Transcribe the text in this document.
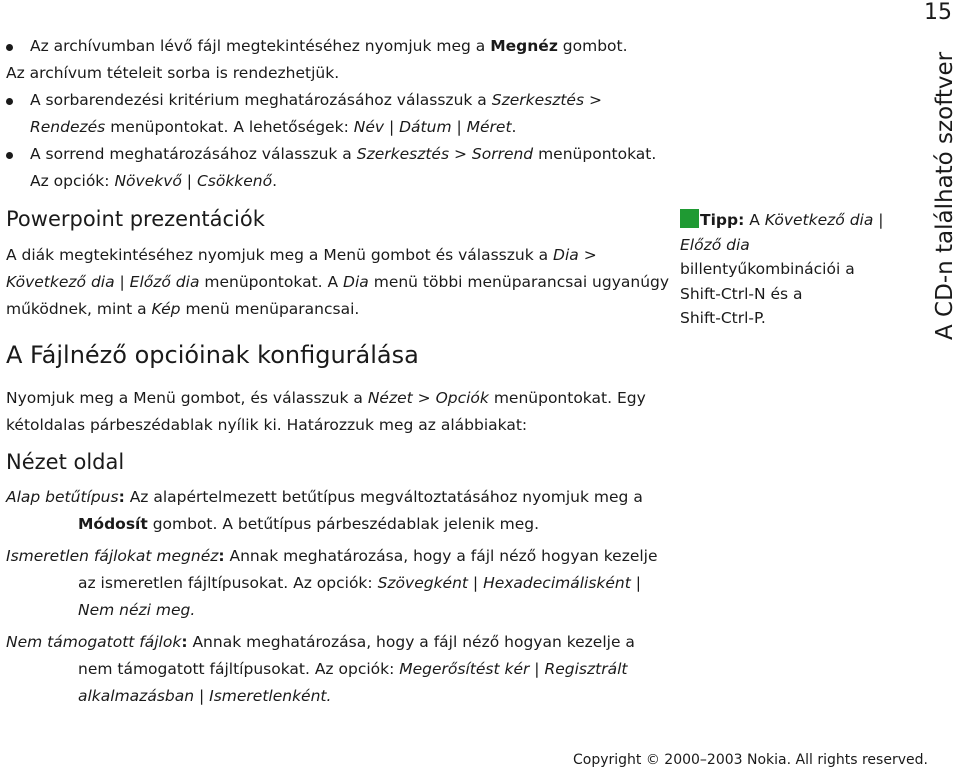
15
A CD-n található szoftver
Az archívumban lévő fájl megtekintéséhez nyomjuk meg a Megnéz gombot.
Az archívum tételeit sorba is rendezhetjük.
A sorbarendezési kritérium meghatározásához válasszuk a Szerkesztés >
Rendezés menüpontokat. A lehetőségek: Név | Dátum | Méret.
A sorrend meghatározásához válasszuk a Szerkesztés > Sorrend menüpontokat.
Az opciók: Növekvő | Csökkenő.
Powerpoint prezentációk
A diák megtekintéséhez nyomjuk meg a Menü gombot és válasszuk a Dia >
Következő dia | Előző dia menüpontokat. A Dia menü többi menüparancsai ugyanúgy
működnek, mint a Kép menü menüparancsai.
A Fájlnéző opcióinak konfigurálása
Nyomjuk meg a Menü gombot, és válasszuk a Nézet > Opciók menüpontokat. Egy
kétoldalas párbeszédablak nyílik ki. Határozzuk meg az alábbiakat:
Nézet oldal
Alap betűtípus: Az alapértelmezett betűtípus megváltoztatásához nyomjuk meg a
Módosít gombot. A betűtípus párbeszédablak jelenik meg.
Ismeretlen fájlokat megnéz: Annak meghatározása, hogy a fájl néző hogyan kezelje
az ismeretlen fájltípusokat. Az opciók: Szövegként | Hexadecimálisként |
Nem nézi meg.
Nem támogatott fájlok: Annak meghatározása, hogy a fájl néző hogyan kezelje a
nem támogatott fájltípusokat. Az opciók: Megerősítést kér | Regisztrált
alkalmazásban | Ismeretlenként.
Tipp: A Következő dia |
Előző dia
billentyűkombinációi a
Shift-Ctrl-N és a
Shift-Ctrl-P.
Copyright © 2000–2003 Nokia. All rights reserved.
